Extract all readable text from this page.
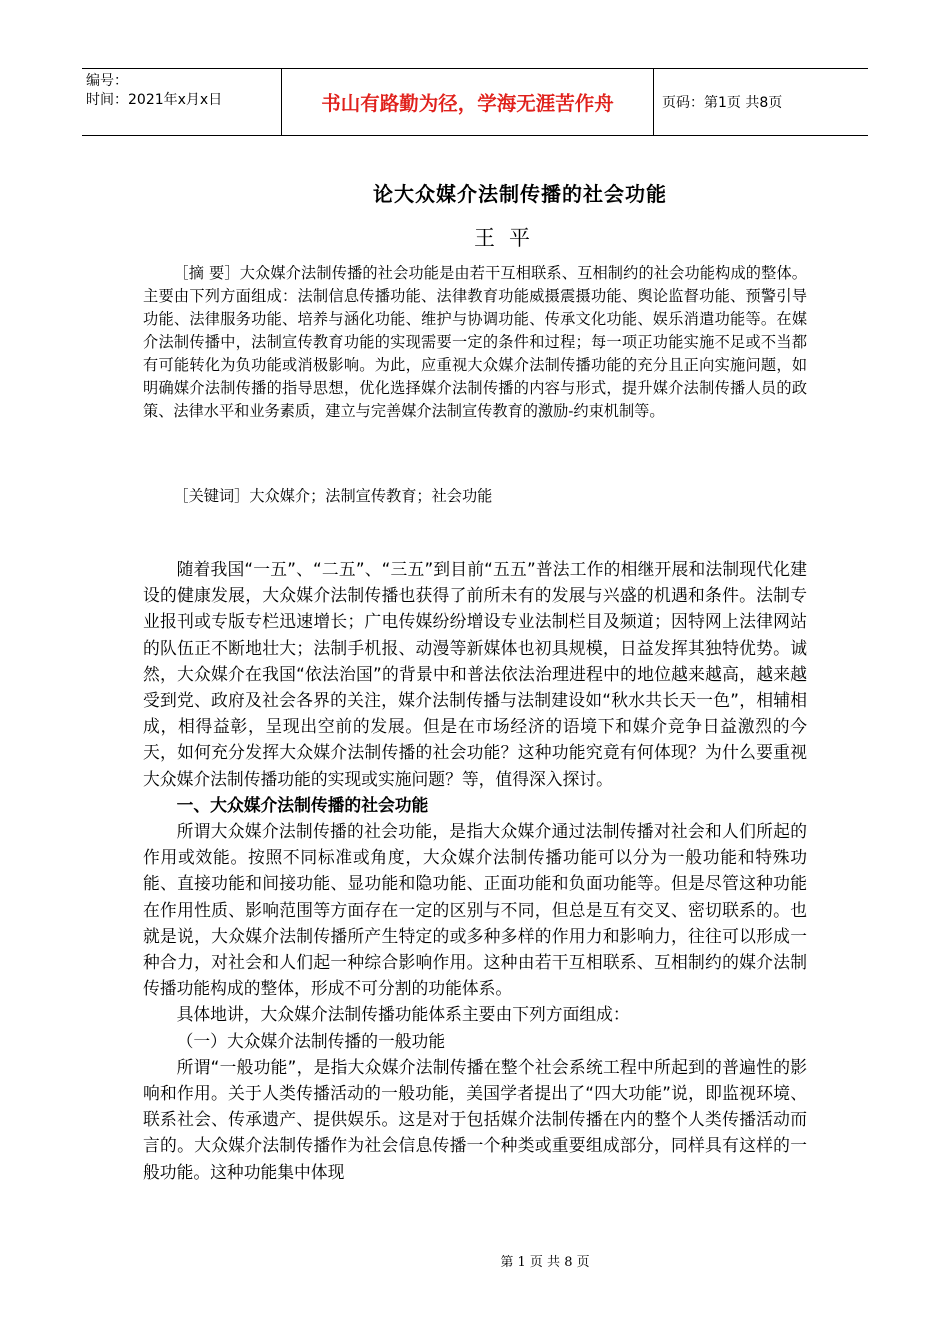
编号：
时间：2021年x月x日	书山有路勤为径，学海无涯苦作舟	页码：第1页 共8页
论大众媒介法制传播的社会功能
王平

［摘 要］大众媒介法制传播的社会功能是由若干互相联系、互相制约的社会功能构成的整体。主要由下列方面组成：法制信息传播功能、法律教育功能威摄震摄功能、舆论监督功能、预警引导功能、法律服务功能、培养与涵化功能、维护与协调功能、传承文化功能、娱乐消遣功能等。在媒介法制传播中，法制宣传教育功能的实现需要一定的条件和过程；每一项正功能实施不足或不当都有可能转化为负功能或消极影响。为此，应重视大众媒介法制传播功能的充分且正向实施问题，如明确媒介法制传播的指导思想，优化选择媒介法制传播的内容与形式，提升媒介法制传播人员的政策、法律水平和业务素质，建立与完善媒介法制宣传教育的激励-约束机制等。

［关键词］大众媒介；法制宣传教育；社会功能

随着我国“一五”、“二五”、“三五”到目前“五五”普法工作的相继开展和法制现代化建设的健康发展，大众媒介法制传播也获得了前所未有的发展与兴盛的机遇和条件。法制专业报刊或专版专栏迅速增长；广电传媒纷纷增设专业法制栏目及频道；因特网上法律网站的队伍正不断地壮大；法制手机报、动漫等新媒体也初具规模，日益发挥其独特优势。诚然，大众媒介在我国“依法治国”的背景中和普法依法治理进程中的地位越来越高，越来越受到党、政府及社会各界的关注，媒介法制传播与法制建设如“秋水共长天一色”，相辅相成，相得益彰，呈现出空前的发展。但是在市场经济的语境下和媒介竞争日益激烈的今天，如何充分发挥大众媒介法制传播的社会功能？这种功能究竟有何体现？为什么要重视大众媒介法制传播功能的实现或实施问题？等，值得深入探讨。

一、大众媒介法制传播的社会功能

所谓大众媒介法制传播的社会功能，是指大众媒介通过法制传播对社会和人们所起的作用或效能。按照不同标准或角度，大众媒介法制传播功能可以分为一般功能和特殊功能、直接功能和间接功能、显功能和隐功能、正面功能和负面功能等。但是尽管这种功能在作用性质、影响范围等方面存在一定的区别与不同，但总是互有交叉、密切联系的。也就是说，大众媒介法制传播所产生特定的或多种多样的作用力和影响力，往往可以形成一种合力，对社会和人们起一种综合影响作用。这种由若干互相联系、互相制约的媒介法制传播功能构成的整体，形成不可分割的功能体系。

具体地讲，大众媒介法制传播功能体系主要由下列方面组成：

（一）大众媒介法制传播的一般功能

所谓“一般功能”，是指大众媒介法制传播在整个社会系统工程中所起到的普遍性的影响和作用。关于人类传播活动的一般功能，美国学者提出了“四大功能”说，即监视环境、联系社会、传承遗产、提供娱乐。这是对于包括媒介法制传播在内的整个人类传播活动而言的。大众媒介法制传播作为社会信息传播一个种类或重要组成部分，同样具有这样的一般功能。这种功能集中体现

第 1 页 共 8 页
